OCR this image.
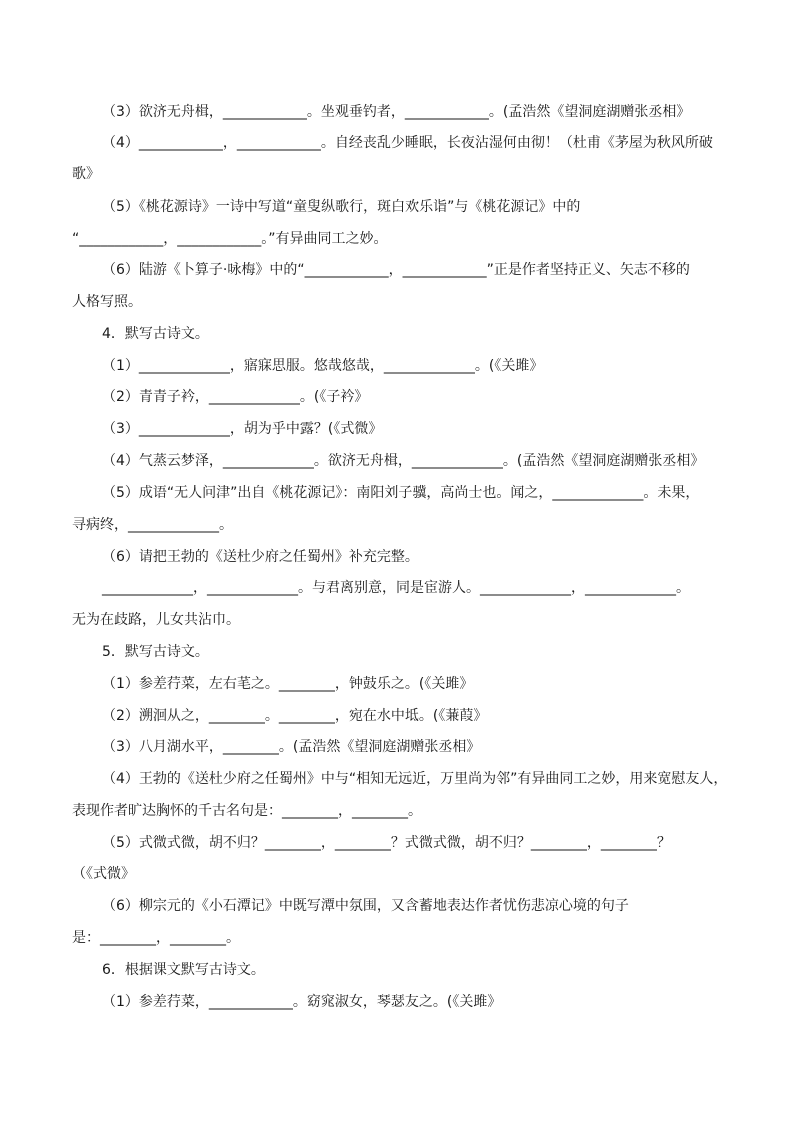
（3）欲济无舟楫，____________。坐观垂钓者，____________。(孟浩然《望洞庭湖赠张丞相》
（4）____________，____________。自经丧乱少睡眠，长夜沾湿何由彻！（杜甫《茅屋为秋风所破
歌》
（5）《桃花源诗》一诗中写道“童叟纵歌行，斑白欢乐诣”与《桃花源记》中的
“____________，____________。”有异曲同工之妙。
（6）陆游《卜算子·咏梅》中的“____________，____________”正是作者坚持正义、矢志不移的
人格写照。
4．默写古诗文。
（1）_____________，寤寐思服。悠哉悠哉，_____________。(《关雎》
（2）青青子衿，_____________。(《子衿》
（3）_____________，胡为乎中露？(《式微》
（4）气蒸云梦泽，_____________。欲济无舟楫，_____________。(孟浩然《望洞庭湖赠张丞相》
（5）成语“无人问津”出自《桃花源记》：南阳刘子骥，高尚士也。闻之，_____________。未果，
寻病终，_____________。
（6）请把王勃的《送杜少府之任蜀州》补充完整。
_____________，_____________。与君离别意，同是宦游人。_____________，_____________。
无为在歧路，儿女共沾巾。
5．默写古诗文。
（1）参差荇菜，左右芼之。________，钟鼓乐之。(《关雎》
（2）溯洄从之，________。________，宛在水中坻。(《蒹葭》
（3）八月湖水平，________。(孟浩然《望洞庭湖赠张丞相》
（4）王勃的《送杜少府之任蜀州》中与“相知无远近，万里尚为邻”有异曲同工之妙，用来宽慰友人，
表现作者旷达胸怀的千古名句是：________，________。
（5）式微式微，胡不归？________，________？式微式微，胡不归？________，________？
（《式微》
（6）柳宗元的《小石潭记》中既写潭中氛围，又含蓄地表达作者忧伤悲凉心境的句子
是：________，________。
6．根据课文默写古诗文。
（1）参差荇菜，____________。窈窕淑女，琴瑟友之。(《关雎》
